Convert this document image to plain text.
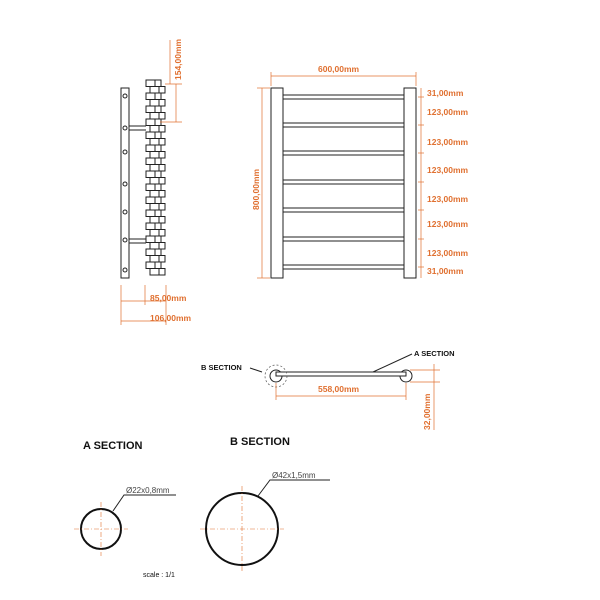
154,00mm
85,00mm
106,00mm
600,00mm
800,00mm
31,00mm
123,00mm
123,00mm
123,00mm
123,00mm
123,00mm
123,00mm
31,00mm
B SECTION
A SECTION
558,00mm
32,00mm
A SECTION
Ø22x0,8mm
B SECTION
Ø42x1,5mm
scale : 1/1
